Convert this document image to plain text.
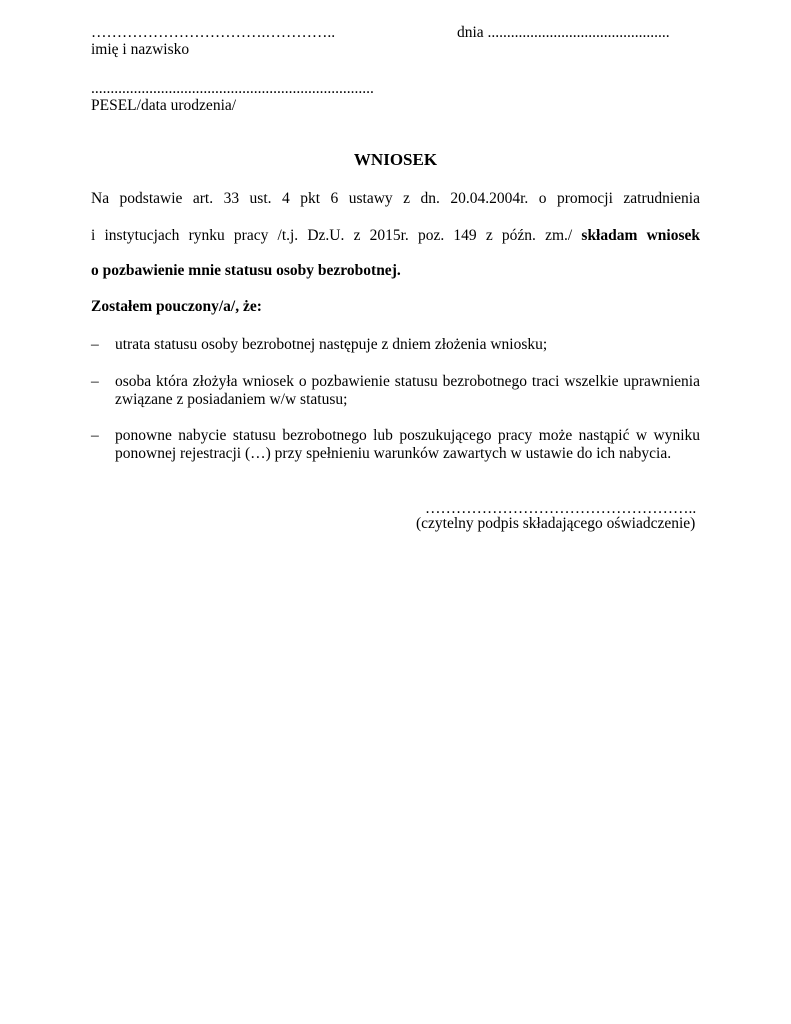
…………………………….…………..
imię i nazwisko
dnia ...............................................
.........................................................................
PESEL/data urodzenia/
WNIOSEK
Na podstawie art. 33 ust. 4 pkt 6 ustawy z dn. 20.04.2004r. o promocji zatrudnienia
i instytucjach rynku pracy /t.j. Dz.U. z 2015r. poz. 149 z późn. zm./ składam wniosek
o pozbawienie mnie statusu osoby bezrobotnej.
Zostałem pouczony/a/, że:
–	utrata statusu osoby bezrobotnej następuje z dniem złożenia wniosku;
–	osoba która złożyła wniosek o pozbawienie statusu bezrobotnego traci wszelkie uprawnienia związane z posiadaniem w/w statusu;
–	ponowne nabycie statusu bezrobotnego lub poszukującego pracy może nastąpić w wyniku ponownej rejestracji (…) przy spełnieniu warunków zawartych w ustawie do ich nabycia.
……………………………………………..
(czytelny podpis składającego oświadczenie)
